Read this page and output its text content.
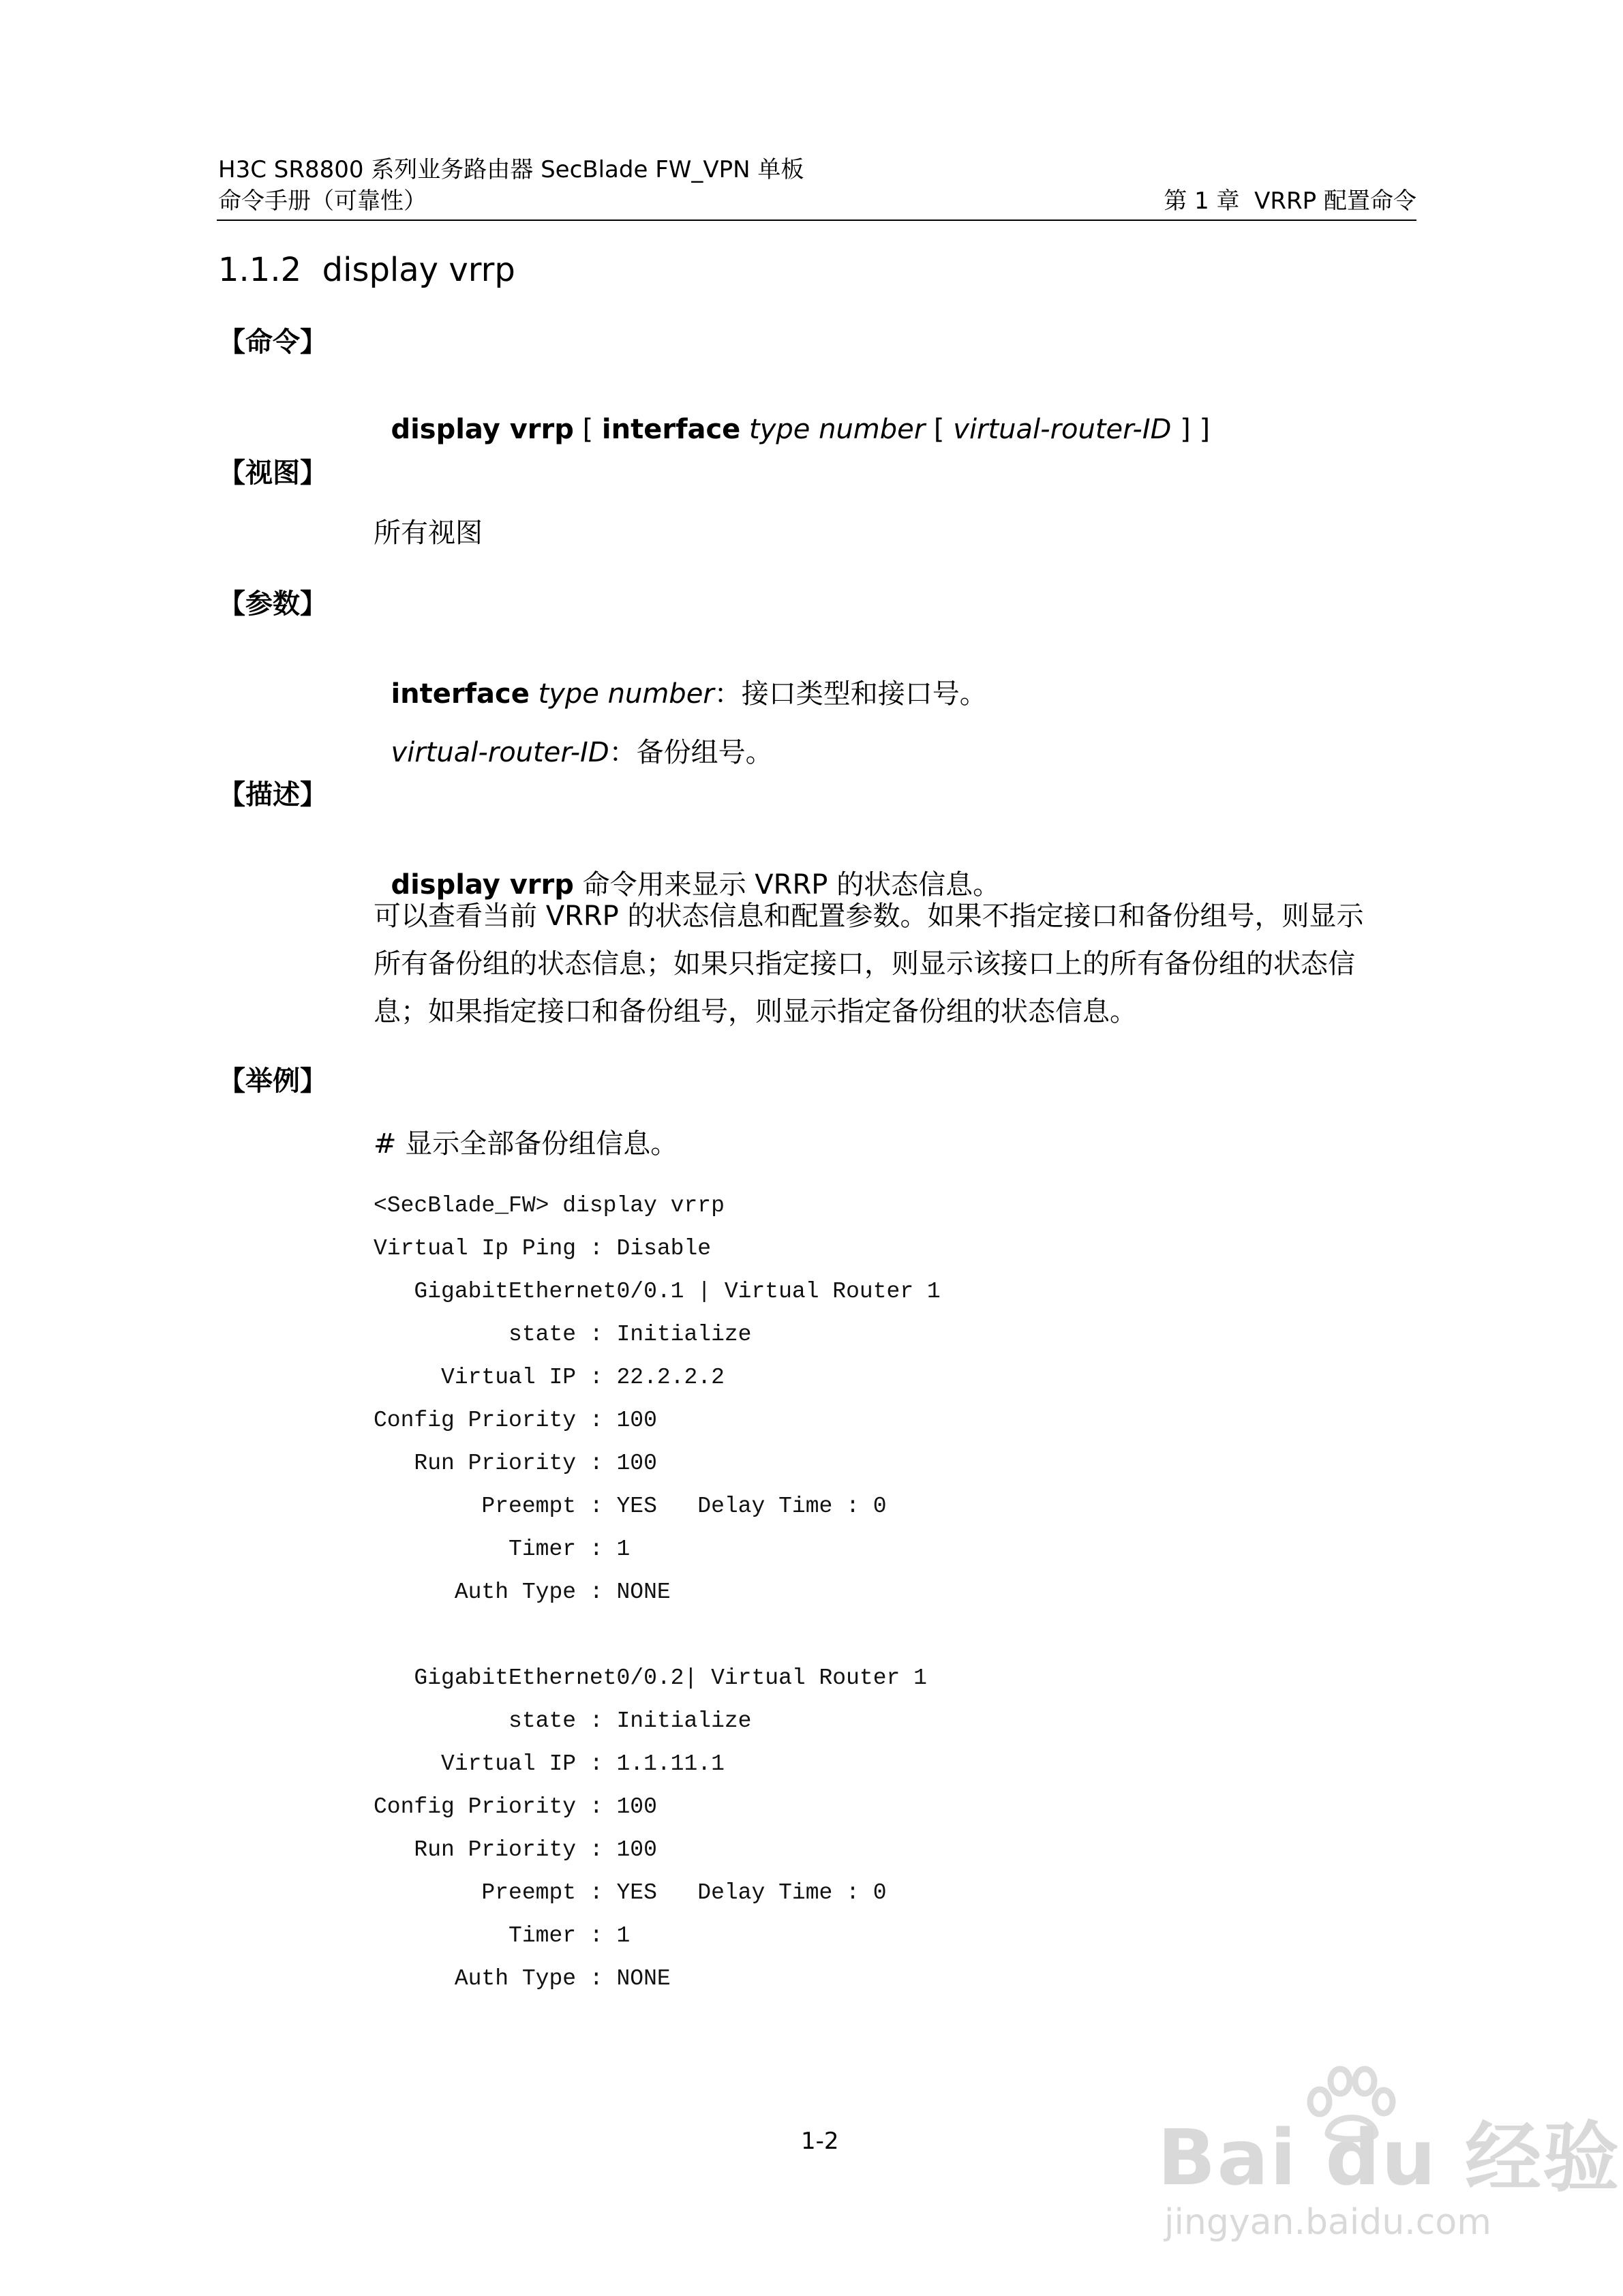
H3C SR8800 系列业务路由器 SecBlade FW_VPN 单板
命令手册（可靠性）	第 1 章  VRRP 配置命令
1.1.2  display vrrp
【命令】

display vrrp [ interface type number [ virtual-router-ID ] ]

【视图】
所有视图
【参数】

interface type number：接口类型和接口号。

virtual-router-ID：备份组号。

【描述】

display vrrp 命令用来显示 VRRP 的状态信息。

可以查看当前 VRRP 的状态信息和配置参数。如果不指定接口和备份组号，则显示
所有备份组的状态信息；如果只指定接口，则显示该接口上的所有备份组的状态信
息；如果指定接口和备份组号，则显示指定备份组的状态信息。
【举例】
# 显示全部备份组信息。
<SecBlade_FW> display vrrp
Virtual Ip Ping : Disable
GigabitEthernet0/0.1 | Virtual Router 1
state : Initialize
Virtual IP : 22.2.2.2
Config Priority : 100
Run Priority : 100
Preempt : YES   Delay Time : 0
Timer : 1
Auth Type : NONE
GigabitEthernet0/0.2| Virtual Router 1
state : Initialize
Virtual IP : 1.1.11.1
Config Priority : 100
Run Priority : 100
Preempt : YES   Delay Time : 0
Timer : 1
Auth Type : NONE
1-2	Bai du 经验
jingyan.baidu.com
